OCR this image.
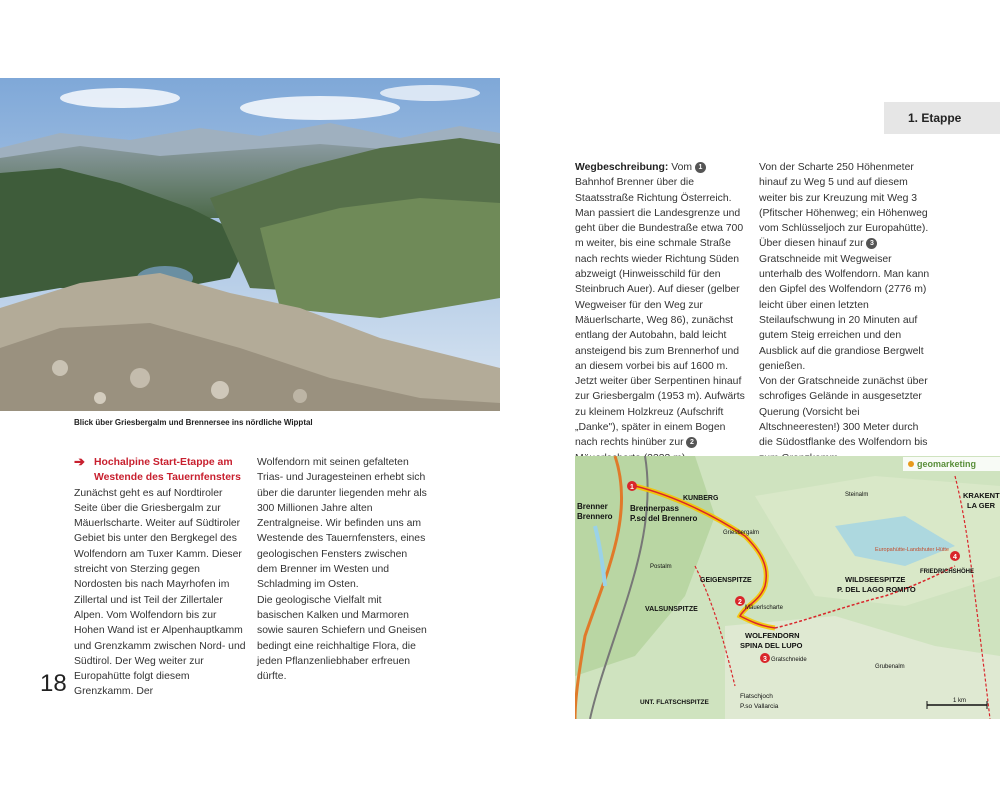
Blick über Griesbergalm und Brennersee ins nördliche Wipptal
➔ Hochalpine Start-Etappe am Westende des Tauernfensters

Zunächst geht es auf Nordtiroler Seite über die Griesbergalm zur Mäuerlscharte. Weiter auf Südtiroler Gebiet bis unter den Bergkegel des Wolfendorn am Tuxer Kamm. Dieser streicht von Sterzing gegen Nordosten bis nach Mayrhofen im Zillertal und ist Teil der Zillertaler Alpen. Vom Wolfendorn bis zur Hohen Wand ist er Alpenhauptkamm und Grenzkamm zwischen Nord- und Südtirol. Der Weg weiter zur Europahütte folgt diesem Grenzkamm. Der

Wolfendorn mit seinen gefalteten Trias- und Juragesteinen erhebt sich über die darunter liegenden mehr als 300 Millionen Jahre alten Zentralgneise. Wir befinden uns am Westende des Tauernfensters, eines geologischen Fensters zwischen dem Brenner im Westen und Schladming im Osten.

Die geologische Vielfalt mit basischen Kalken und Marmoren sowie sauren Schiefern und Gneisen bedingt eine reichhaltige Flora, die jeden Pflanzenliebhaber erfreuen dürfte.

18
1. Etappe

Wegbeschreibung: Vom 1 Bahnhof Brenner über die Staatsstraße Richtung Österreich. Man passiert die Landesgrenze und geht über die Bundestraße etwa 700 m weiter, bis eine schmale Straße nach rechts wieder Richtung Süden abzweigt (Hinweisschild für den Steinbruch Auer). Auf dieser (gelber Wegweiser für den Weg zur Mäuerlscharte, Weg 86), zunächst entlang der Autobahn, bald leicht ansteigend bis zum Brennerhof und an diesem vorbei bis auf 1600 m. Jetzt weiter über Serpentinen hinauf zur Griesbergalm (1953 m). Aufwärts zu kleinem Holzkreuz (Aufschrift „Danke"), später in einem Bogen nach rechts hinüber zur 2

Von der Scharte 250 Höhenmeter hinauf zu Weg 5 und auf diesem weiter bis zur Kreuzung mit Weg 3 (Pfitscher Höhenweg; ein Höhenweg vom Schlüsseljoch zur Europahütte). Über diesen hinauf zur 3 Gratschneide mit Wegweiser unterhalb des Wolfendorn. Man kann den Gipfel des Wolfendorn (2776 m) leicht über einen letzten Steilaufschwung in 20 Minuten auf gutem Steig erreichen und den Ausblick auf die grandiose Bergwelt genießen.

Von der Gratschneide zunächst über schrofiges Gelände in ausgesetzter Querung (Vorsicht bei Altschneeresten!) 300 Meter durch die Südostflanke des Wolfendorn bis

1
2
3
4
Brenner
Brennero
Brennerpass
P.so del Brennero
KUNBERG
GEIGENSPITZE
VALSUNSPITZE
WOLFENDORN
SPINA DEL LUPO
WILDSEESPITZE
P. DEL LAGO ROMITO
KRAKENT
LA GER
FRIEDRICHSHÖHE
UNT. FLATSCHSPITZE
Flatschjoch
P.so Vallarcia
Gratschneide
Mäuerlscharte
Griesbergalm
Grubenalm
Europahütte-Landshuter Hütte
Postalm
Steinalm
geomarketing
1 km
